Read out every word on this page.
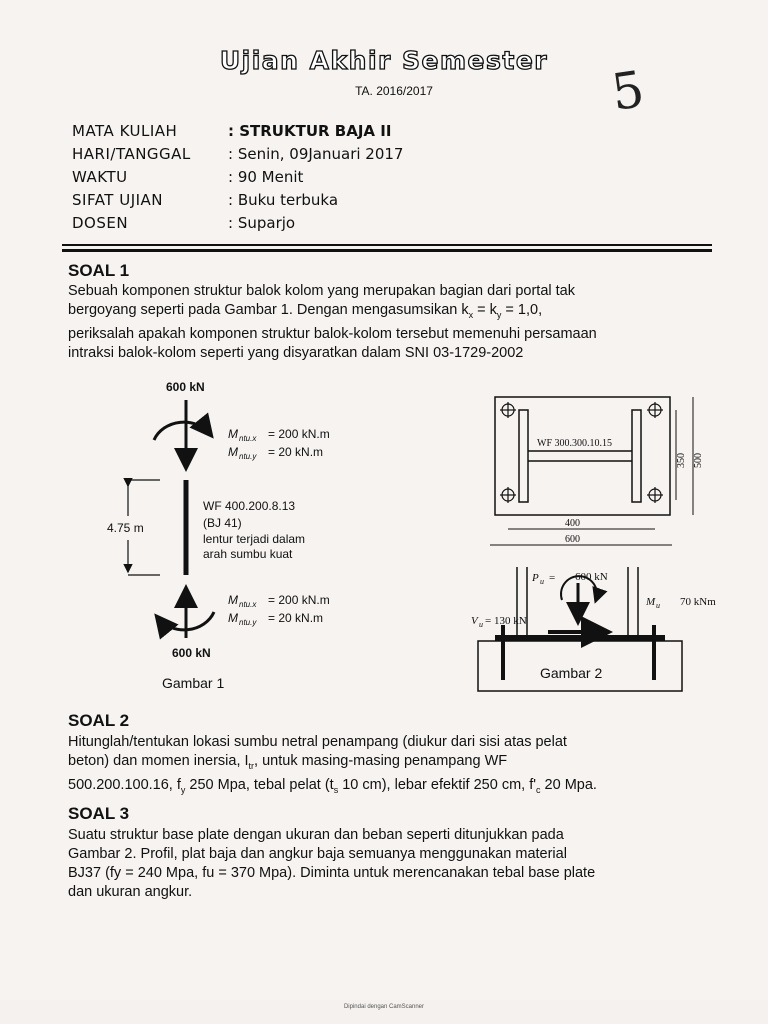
Ujian Akhir Semester
TA. 2016/2017	5
MATA KULIAH	: STRUKTUR BAJA II
HARI/TANGGAL : Senin, 09Januari 2017
WAKTU	: 90 Menit
SIFAT UJIAN	: Buku terbuka
DOSEN	: Suparjo
SOAL 1
Sebuah komponen struktur balok kolom yang merupakan bagian dari portal tak
bergoyang seperti pada Gambar 1. Dengan mengasumsikan $k_x = k_y = 1,0$,
periksalah apakah komponen struktur balok-kolom tersebut memenuhi persamaan
intraksi balok-kolom seperti yang disyaratkan dalam SNI 03-1729-2002
600 kN
M ntu.x = 200 kN.m
M ntu.y = 20 kN.m
4.75 m
WF 400.200.8.13
(BJ 41)
lentur terjadi dalam
arah sumbu kuat
M ntu.x = 200 kN.m
M ntu.y = 20 kN.m
600 kN
Gambar 1
WF 300.300.10.15
350 500
400
600
P u = 600 kN
M u 70 kNm
V u = 130 kN
Gambar 2
SOAL 2
Hitunglah/tentukan lokasi sumbu netral penampang (diukur dari sisi atas pelat
beton) dan momen inersia, $I_{tr}$, untuk masing-masing penampang WF
500.200.100.16, $f_y$ 250 Mpa, tebal pelat ($t_s$ 10 cm), lebar efektif 250 cm, $f'_c$ 20 Mpa.
SOAL 3
Suatu struktur base plate dengan ukuran dan beban seperti ditunjukkan pada
Gambar 2. Profil, plat baja dan angkur baja semuanya menggunakan material
BJ37 (fy = 240 Mpa, fu = 370 Mpa). Diminta untuk merencanakan tebal base plate
dan ukuran angkur.
Dipindai dengan CamScanner
